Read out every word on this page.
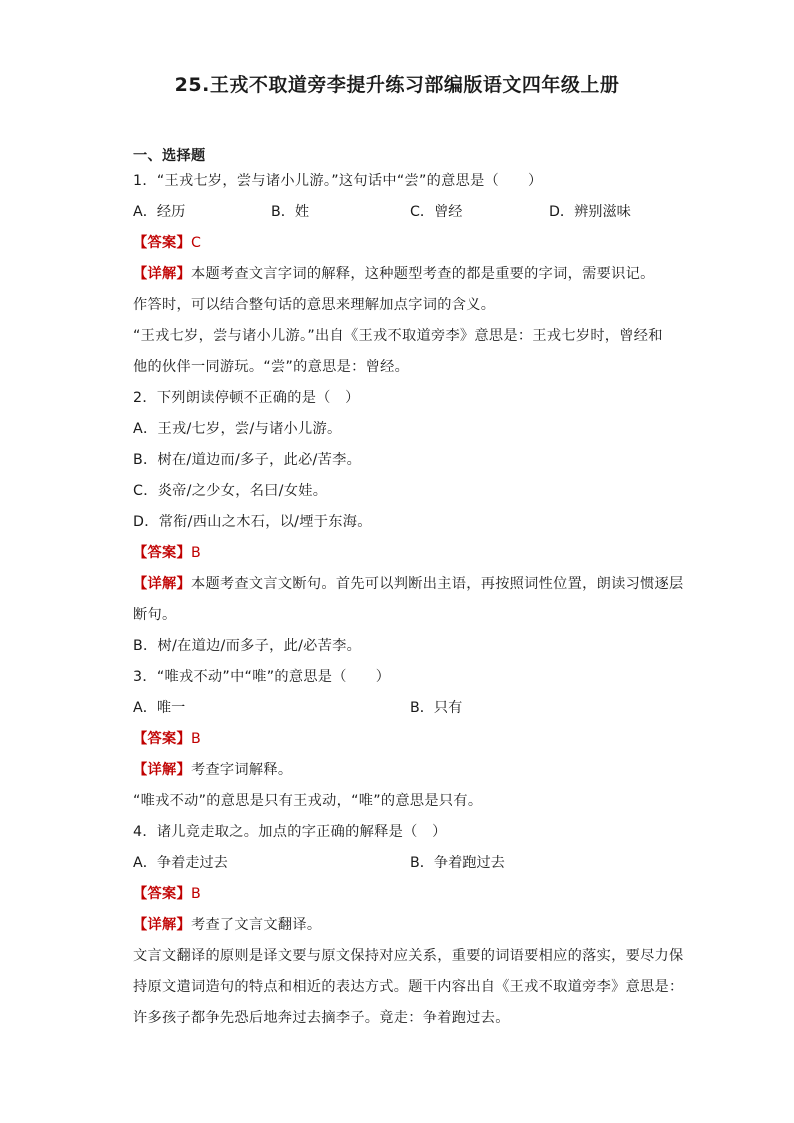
25.王戎不取道旁李提升练习部编版语文四年级上册
一、选择题
1．“王戎七岁，尝与诸小儿游。”这句话中“尝”的意思是（　　）
A．经历	B．姓	C．曾经	D．辨别滋味
【答案】C
【详解】本题考查文言字词的解释，这种题型考查的都是重要的字词，需要识记。
作答时，可以结合整句话的意思来理解加点字词的含义。
“王戎七岁，尝与诸小儿游。”出自《王戎不取道旁李》意思是：王戎七岁时，曾经和
他的伙伴一同游玩。“尝”的意思是：曾经。
2．下列朗读停顿不正确的是（　）
A．王戎/七岁，尝/与诸小儿游。
B．树在/道边而/多子，此必/苦李。
C．炎帝/之少女，名曰/女娃。
D．常衔/西山之木石，以/堙于东海。
【答案】B
【详解】本题考查文言文断句。首先可以判断出主语，再按照词性位置，朗读习惯逐层
断句。
B．树/在道边/而多子，此/必苦李。
3．“唯戎不动”中“唯”的意思是（　　）
A．唯一	B．只有
【答案】B
【详解】考查字词解释。
“唯戎不动”的意思是只有王戎动，“唯”的意思是只有。
4．诸儿竞走取之。加点的字正确的解释是（　）
A．争着走过去	B．争着跑过去
【答案】B
【详解】考查了文言文翻译。
文言文翻译的原则是译文要与原文保持对应关系，重要的词语要相应的落实，要尽力保
持原文遣词造句的特点和相近的表达方式。题干内容出自《王戎不取道旁李》意思是：
许多孩子都争先恐后地奔过去摘李子。竟走：争着跑过去。
